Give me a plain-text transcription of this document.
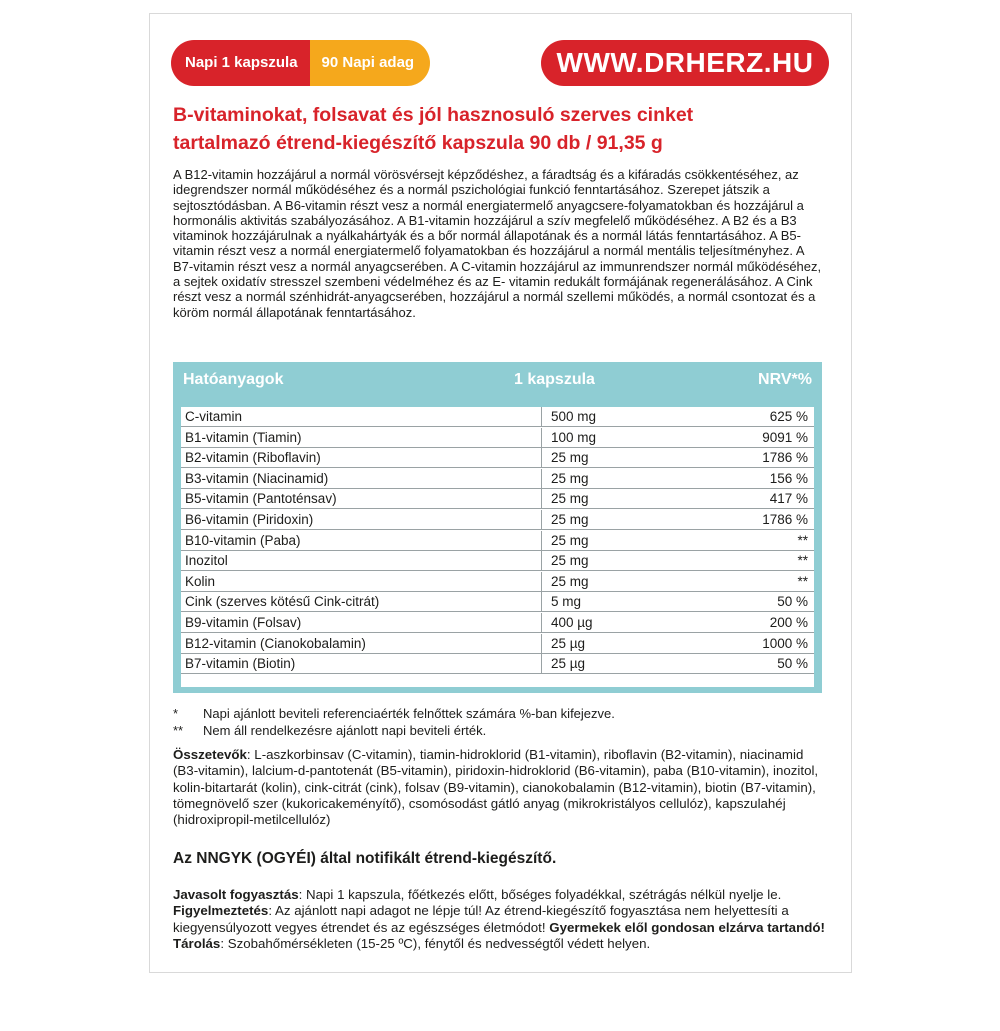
Napi 1 kapszula	90 Napi adag	WWW.DRHERZ.HU
B-vitaminokat, folsavat és jól hasznosuló szerves cinket
tartalmazó étrend-kiegészítő kapszula 90 db / 91,35 g
A B12-vitamin hozzájárul a normál vörösvérsejt képződéshez, a fáradtság és a kifáradás csökkentéséhez, az idegrendszer normál működéséhez és a normál pszichológiai funkció fenntartásához. Szerepet játszik a sejtosztódásban. A B6-vitamin részt vesz a normál energiatermelő anyagcsere-folyamatokban és hozzájárul a hormonális aktivitás szabályozásához. A B1-vitamin hozzájárul a szív megfelelő működéséhez. A B2 és a B3 vitaminok hozzájárulnak a nyálkahártyák és a bőr normál állapotának és a normál látás fenntartásához. A B5-vitamin részt vesz a normál energiatermelő folyamatokban és hozzájárul a normál mentális teljesítményhez. A B7-vitamin részt vesz a normál anyagcserében. A C-vitamin hozzájárul az immunrendszer normál működéséhez, a sejtek oxidatív stresszel szembeni védelméhez és az E- vitamin redukált formájának regenerálásához. A Cink részt vesz a normál szénhidrát-anyagcserében, hozzájárul a normál szellemi működés, a normál csontozat és a köröm normál állapotának fenntartásához.
Hatóanyagok	1 kapszula	NRV*%
C-vitamin	500 mg	625 %
B1-vitamin (Tiamin)	100 mg	9091 %
B2-vitamin (Riboflavin)	25 mg	1786 %
B3-vitamin (Niacinamid)	25 mg	156 %
B5-vitamin (Pantoténsav)	25 mg	417 %
B6-vitamin (Piridoxin)	25 mg	1786 %
B10-vitamin (Paba)	25 mg	**
Inozitol	25 mg	**
Kolin	25 mg	**
Cink (szerves kötésű Cink-citrát)	5 mg	50 %
B9-vitamin (Folsav)	400 µg	200 %
B12-vitamin (Cianokobalamin)	25 µg	1000 %
B7-vitamin (Biotin)	25 µg	50 %
* Napi ajánlott beviteli referenciaérték felnőttek számára %-ban kifejezve.
** Nem áll rendelkezésre ajánlott napi beviteli érték.
Összetevők: L-aszkorbinsav (C-vitamin), tiamin-hidroklorid (B1-vitamin), riboflavin (B2-vitamin), niacinamid (B3-vitamin), lalcium-d-pantotenát (B5-vitamin), piridoxin-hidroklorid (B6-vitamin), paba (B10-vitamin), inozitol, kolin-bitartarát (kolin), cink-citrát (cink), folsav (B9-vitamin), cianokobalamin (B12-vitamin), biotin (B7-vitamin), tömegnövelő szer (kukoricakeményítő), csomósodást gátló anyag (mikrokristályos cellulóz), kapszulahéj (hidroxipropil-metilcellulóz)
Az NNGYK (OGYÉI) által notifikált étrend-kiegészítő.
Javasolt fogyasztás: Napi 1 kapszula, főétkezés előtt, bőséges folyadékkal, szétrágás nélkül nyelje le.
Figyelmeztetés: Az ajánlott napi adagot ne lépje túl! Az étrend-kiegészítő fogyasztása nem helyettesíti a kiegyensúlyozott vegyes étrendet és az egészséges életmódot! Gyermekek elől gondosan elzárva tartandó! Tárolás: Szobahőmérsékleten (15-25 ºC), fénytől és nedvességtől védett helyen.
